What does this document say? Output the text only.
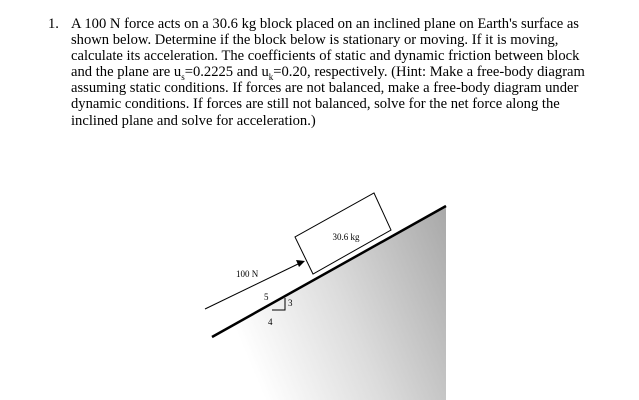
1. A 100 N force acts on a 30.6 kg block placed on an inclined plane on Earth's surface as
shown below. Determine if the block below is stationary or moving. If it is moving,
calculate its acceleration. The coefficients of static and dynamic friction between block
and the plane are $u_s=0.2225$ and $u_k=0.20$, respectively. (Hint: Make a free-body diagram
assuming static conditions. If forces are not balanced, make a free-body diagram under
dynamic conditions. If forces are still not balanced, solve for the net force along the
inclined plane and solve for acceleration.)
30.6 kg
100 N
5
3
4
